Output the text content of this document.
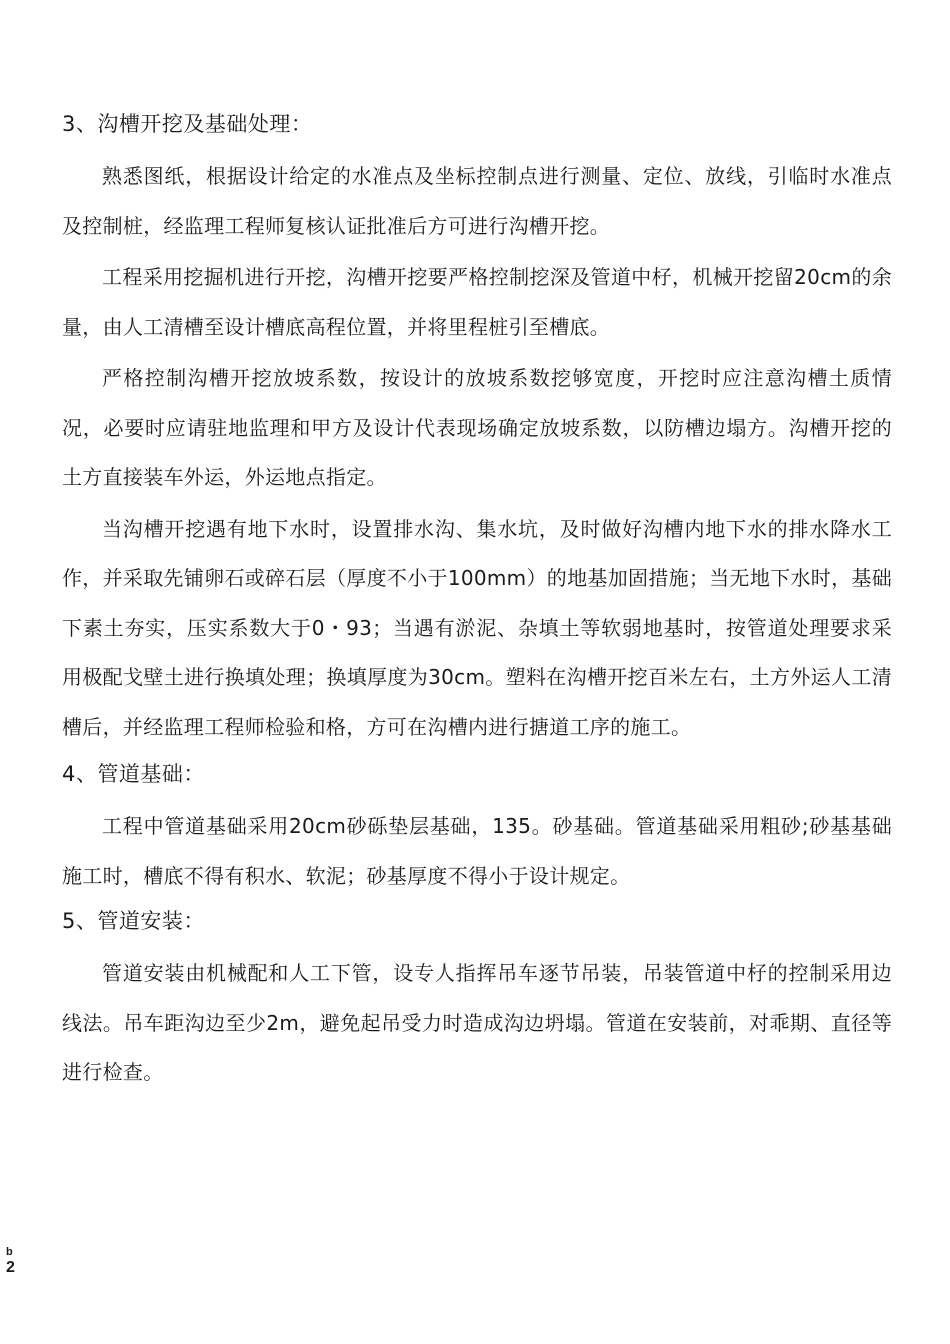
3、沟槽开挖及基础处理：

熟悉图纸，根据设计给定的水准点及坐标控制点进行测量、定位、放线，引临时水准点及控制桩，经监理工程师复核认证批准后方可进行沟槽开挖。

工程采用挖掘机进行开挖，沟槽开挖要严格控制挖深及管道中杍，机械开挖留20cm的余量，由人工清槽至设计槽底高程位置，并将里程桩引至槽底。

严格控制沟槽开挖放坡系数，按设计的放坡系数挖够宽度，开挖时应注意沟槽土质情况，必要时应请驻地监理和甲方及设计代表现场确定放坡系数，以防槽边塌方。沟槽开挖的土方直接装车外运，外运地点指定。

当沟槽开挖遇有地下水时，设置排水沟、集水坑，及时做好沟槽内地下水的排水降水工作，并采取先铺卵石或碎石层（厚度不小于100mm）的地基加固措施；当无地下水时，基础下素土夯实，压实系数大于0・93；当遇有淤泥、杂填土等软弱地基时，按管道处理要求采用极配戈壁土进行换填处理；换填厚度为30cm。塑料在沟槽开挖百米左右，土方外运人工清槽后，并经监理工程师检验和格，方可在沟槽内进行搪道工序的施工。

4、管道基础：

工程中管道基础采用20cm砂砾垫层基础，135。砂基础。管道基础采用粗砂;砂基基础施工时，槽底不得有积水、软泥；砂基厚度不得小于设计规定。

5、管道安装：

管道安装由机械配和人工下管，设专人指挥吊车逐节吊装，吊装管道中杍的控制采用边线法。吊车距沟边至少2m，避免起吊受力时造成沟边坍塌。管道在安装前，对乖期、直径等进行检查。

b
2
